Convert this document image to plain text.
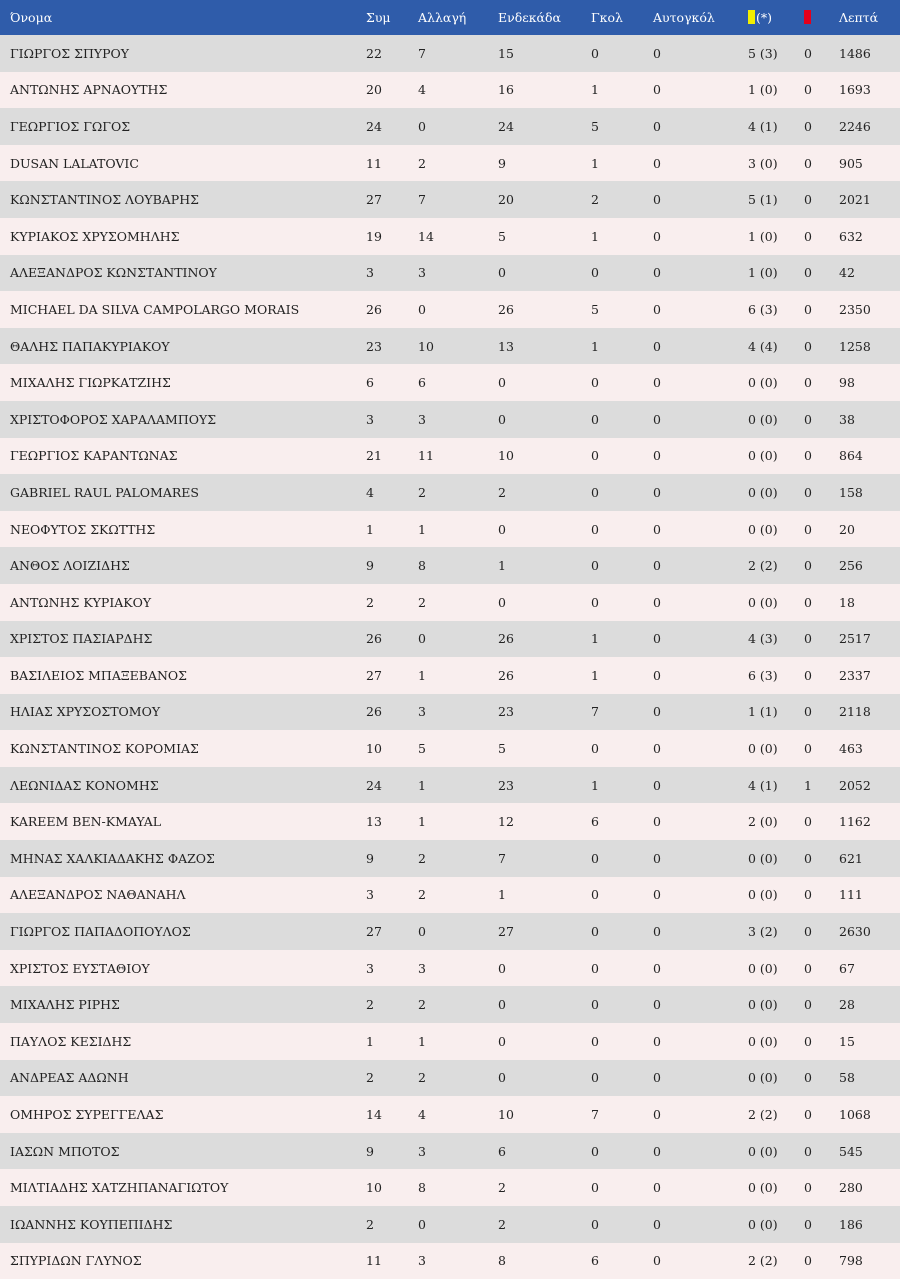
Όνομα	Συμ	Αλλαγή	Ενδεκάδα	Γκολ	Αυτογκόλ	(*)		Λεπτά
ΓΙΩΡΓΟΣ ΣΠΥΡΟΥ	22	7	15	0	0	5 (3)	0	1486
ΑΝΤΩΝΗΣ ΑΡΝΑΟΥΤΗΣ	20	4	16	1	0	1 (0)	0	1693
ΓΕΩΡΓΙΟΣ ΓΩΓΟΣ	24	0	24	5	0	4 (1)	0	2246
DUSAN LALATOVIC	11	2	9	1	0	3 (0)	0	905
ΚΩΝΣΤΑΝΤΙΝΟΣ ΛΟΥΒΑΡΗΣ	27	7	20	2	0	5 (1)	0	2021
ΚΥΡΙΑΚΟΣ ΧΡΥΣΟΜΗΛΗΣ	19	14	5	1	0	1 (0)	0	632
ΑΛΕΞΑΝΔΡΟΣ ΚΩΝΣΤΑΝΤΙΝΟΥ	3	3	0	0	0	1 (0)	0	42
MICHAEL DA SILVA CAMPOLARGO MORAIS	26	0	26	5	0	6 (3)	0	2350
ΘΑΛΗΣ ΠΑΠΑΚΥΡΙΑΚΟΥ	23	10	13	1	0	4 (4)	0	1258
ΜΙΧΑΛΗΣ ΓΙΩΡΚΑΤΖΙΗΣ	6	6	0	0	0	0 (0)	0	98
ΧΡΙΣΤΟΦΟΡΟΣ ΧΑΡΑΛΑΜΠΟΥΣ	3	3	0	0	0	0 (0)	0	38
ΓΕΩΡΓΙΟΣ ΚΑΡΑΝΤΩΝΑΣ	21	11	10	0	0	0 (0)	0	864
GABRIEL RAUL PALOMARES	4	2	2	0	0	0 (0)	0	158
ΝΕΟΦΥΤΟΣ ΣΚΩΤΤΗΣ	1	1	0	0	0	0 (0)	0	20
ΑΝΘΟΣ ΛΟΙΖΙΔΗΣ	9	8	1	0	0	2 (2)	0	256
ΑΝΤΩΝΗΣ ΚΥΡΙΑΚΟΥ	2	2	0	0	0	0 (0)	0	18
ΧΡΙΣΤΟΣ ΠΑΣΙΑΡΔΗΣ	26	0	26	1	0	4 (3)	0	2517
ΒΑΣΙΛΕΙΟΣ ΜΠΑΞΕΒΑΝΟΣ	27	1	26	1	0	6 (3)	0	2337
ΗΛΙΑΣ ΧΡΥΣΟΣΤΟΜΟΥ	26	3	23	7	0	1 (1)	0	2118
ΚΩΝΣΤΑΝΤΙΝΟΣ ΚΟΡΟΜΙΑΣ	10	5	5	0	0	0 (0)	0	463
ΛΕΩΝΙΔΑΣ ΚΟΝΟΜΗΣ	24	1	23	1	0	4 (1)	1	2052
KAREEM BEN-KMAYAL	13	1	12	6	0	2 (0)	0	1162
ΜΗΝΑΣ ΧΑΛΚΙΑΔΑΚΗΣ ΦΑΖΟΣ	9	2	7	0	0	0 (0)	0	621
ΑΛΕΞΑΝΔΡΟΣ ΝΑΘΑΝΑΗΛ	3	2	1	0	0	0 (0)	0	111
ΓΙΩΡΓΟΣ ΠΑΠΑΔΟΠΟΥΛΟΣ	27	0	27	0	0	3 (2)	0	2630
ΧΡΙΣΤΟΣ ΕΥΣΤΑΘΙΟΥ	3	3	0	0	0	0 (0)	0	67
ΜΙΧΑΛΗΣ ΡΙΡΗΣ	2	2	0	0	0	0 (0)	0	28
ΠΑΥΛΟΣ ΚΕΣΙΔΗΣ	1	1	0	0	0	0 (0)	0	15
ΑΝΔΡΕΑΣ ΑΔΩΝΗ	2	2	0	0	0	0 (0)	0	58
ΟΜΗΡΟΣ ΣΥΡΕΓΓΕΛΑΣ	14	4	10	7	0	2 (2)	0	1068
ΙΑΣΩΝ ΜΠΟΤΟΣ	9	3	6	0	0	0 (0)	0	545
ΜΙΛΤΙΑΔΗΣ ΧΑΤΖΗΠΑΝΑΓΙΩΤΟΥ	10	8	2	0	0	0 (0)	0	280
ΙΩΑΝΝΗΣ ΚΟΥΠΕΠΙΔΗΣ	2	0	2	0	0	0 (0)	0	186
ΣΠΥΡΙΔΩΝ ΓΛΥΝΟΣ	11	3	8	6	0	2 (2)	0	798
